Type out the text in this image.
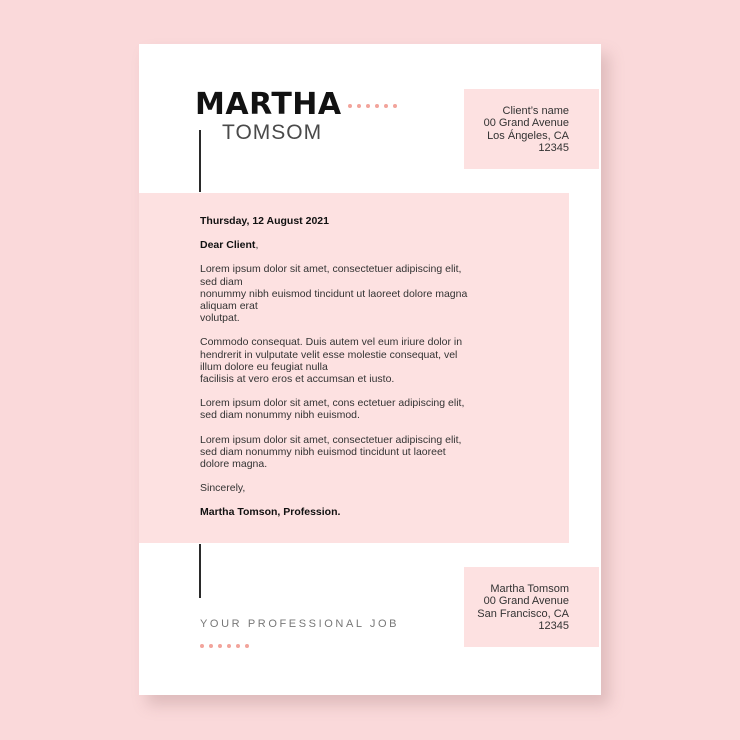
MARTHA
TOMSOM
Client’s name
00 Grand Avenue
Los Ángeles, CA
12345

Thursday, 12 August 2021

Dear Client,

Lorem ipsum dolor sit amet, consectetuer adipiscing elit,
sed diam
nonummy nibh euismod tincidunt ut laoreet dolore magna
aliquam erat
volutpat.

Commodo consequat. Duis autem vel eum iriure dolor in
hendrerit in vulputate velit esse molestie consequat, vel
illum dolore eu feugiat nulla
facilisis at vero eros et accumsan et iusto.

Lorem ipsum dolor sit amet, cons ectetuer adipiscing elit,
sed diam nonummy nibh euismod.

Lorem ipsum dolor sit amet, consectetuer adipiscing elit,
sed diam nonummy nibh euismod tincidunt ut laoreet
dolore magna.

Sincerely,

Martha Tomson, Profession.

Martha Tomsom
00 Grand Avenue
San Francisco, CA
12345
YOUR PROFESSIONAL JOB
